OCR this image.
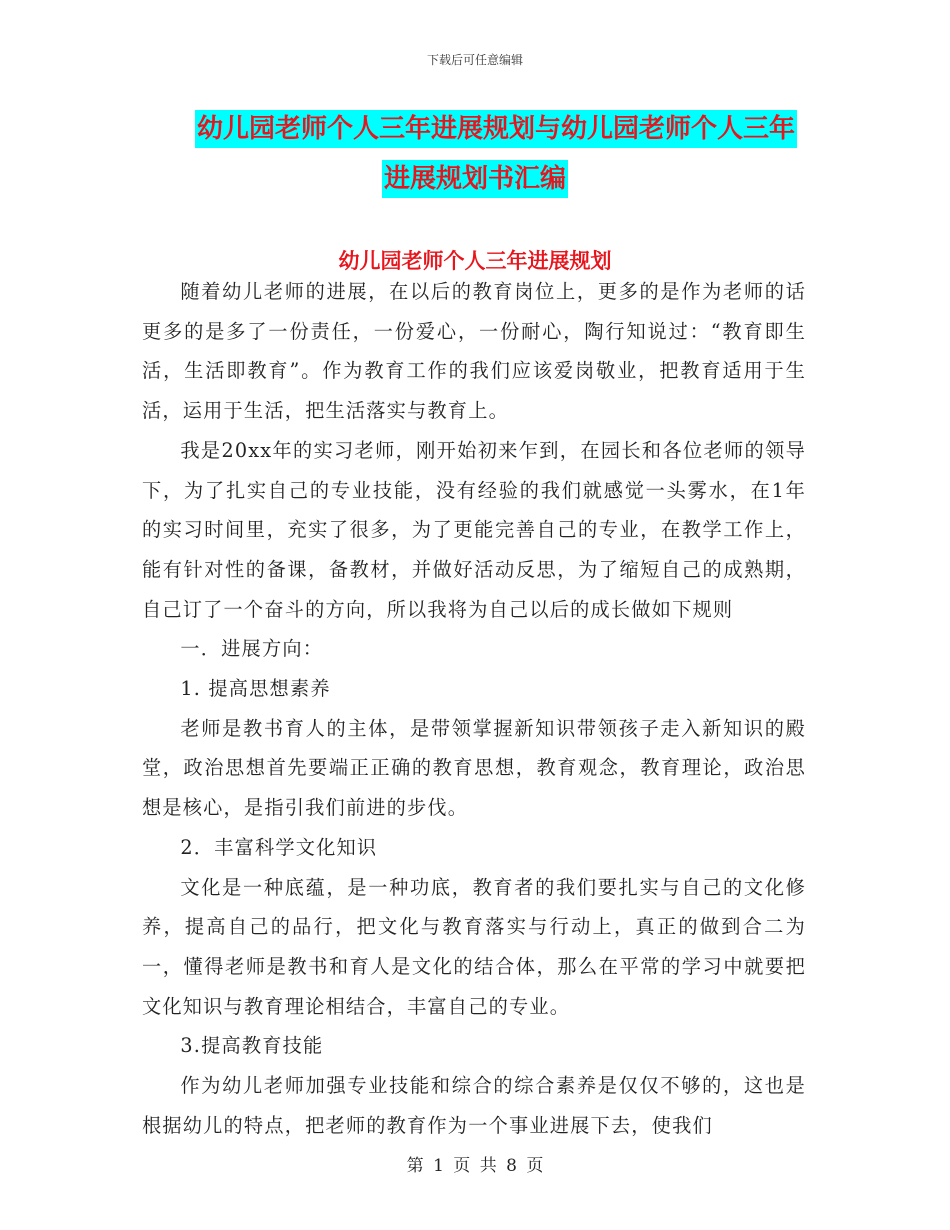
下载后可任意编辑
幼儿园老师个人三年进展规划与幼儿园老师个人三年
进展规划书汇编
幼儿园老师个人三年进展规划

随着幼儿老师的进展，在以后的教育岗位上，更多的是作为老师的话更多的是多了一份责任，一份爱心，一份耐心，陶行知说过：“教育即生活，生活即教育”。作为教育工作的我们应该爱岗敬业，把教育适用于生活，运用于生活，把生活落实与教育上。

我是20xx年的实习老师，刚开始初来乍到，在园长和各位老师的领导下，为了扎实自己的专业技能，没有经验的我们就感觉一头雾水，在1年的实习时间里，充实了很多，为了更能完善自己的专业，在教学工作上，能有针对性的备课，备教材，并做好活动反思，为了缩短自己的成熟期，自己订了一个奋斗的方向，所以我将为自己以后的成长做如下规则

一．进展方向：

1. 提高思想素养

老师是教书育人的主体，是带领掌握新知识带领孩子走入新知识的殿堂，政治思想首先要端正正确的教育思想，教育观念，教育理论，政治思想是核心，是指引我们前进的步伐。

2．丰富科学文化知识

文化是一种底蕴，是一种功底，教育者的我们要扎实与自己的文化修养，提高自己的品行，把文化与教育落实与行动上，真正的做到合二为一，懂得老师是教书和育人是文化的结合体，那么在平常的学习中就要把文化知识与教育理论相结合，丰富自己的专业。

3.提高教育技能

作为幼儿老师加强专业技能和综合的综合素养是仅仅不够的，这也是根据幼儿的特点，把老师的教育作为一个事业进展下去，使我们

第 1 页 共 8 页
